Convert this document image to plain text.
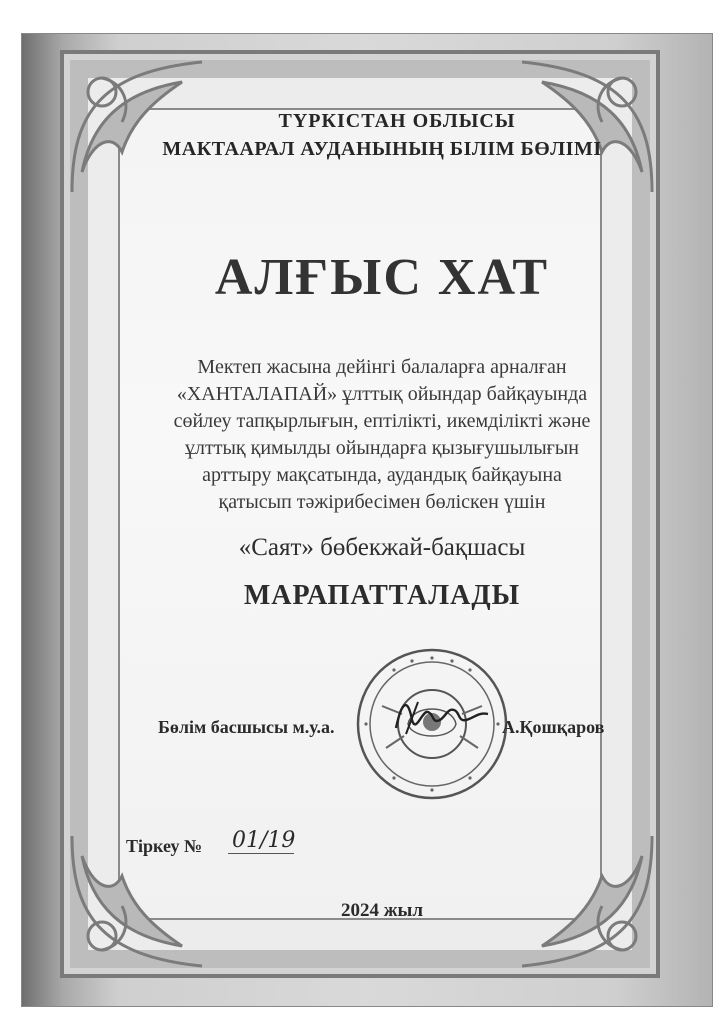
ТҮРКІСТАН ОБЛЫСЫ
МАКТААРАЛ АУДАНЫНЫҢ БІЛІМ БӨЛІМІ
АЛҒЫС ХАТ
Мектеп жасына дейінгі балаларға арналған
«ХАНТАЛАПАЙ» ұлттық ойындар байқауында
сөйлеу тапқырлығын, ептілікті, икемділікті және
ұлттық қимылды ойындарға қызығушылығын
арттыру мақсатында, аудандық байқауына
қатысып тәжірибесімен бөліскен үшін
«Саят» бөбекжай-бақшасы
МАРАПАТТАЛАДЫ
Бөлім басшысы м.у.а.	А.Қошқаров
Тіркеу № 01/19
2024 жыл
